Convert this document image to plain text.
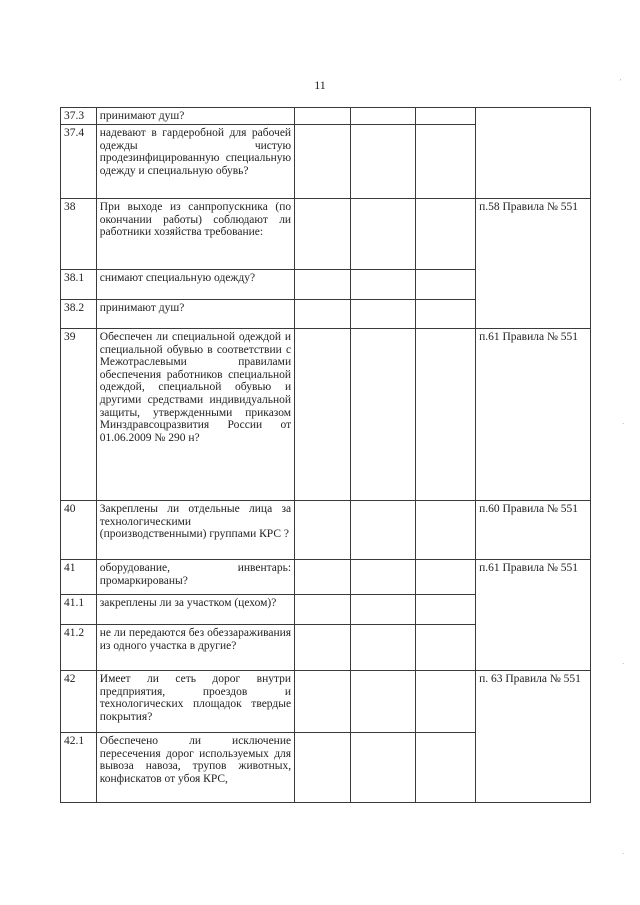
11
37.3	принимают душ?				
37.4	надевают в гардеробной для рабочей одежды чистую продезинфицированную специальную одежду и специальную обувь?				
38	При выходе из санпропускника (по окончании работы) соблюдают ли работники хозяйства требование:				п.58 Правила № 551
38.1	снимают специальную одежду?				
38.2	принимают душ?				
39	Обеспечен ли специальной одеждой и специальной обувью в соответствии с Межотраслевыми правилами обеспечения работников специальной одеждой, специальной обувью и другими средствами индивидуальной защиты, утвержденными приказом Минздравсоцразвития России от 01.06.2009 № 290 н?				п.61 Правила № 551
40	Закреплены ли отдельные лица за технологическими (производственными) группами КРС ?				п.60 Правила № 551
41	оборудование, инвентарь: промаркированы?				п.61 Правила № 551
41.1	закреплены ли за участком (цехом)?				
41.2	не ли передаются без обеззараживания из одного участка в другие?				
42	Имеет ли сеть дорог внутри предприятия, проездов и технологических площадок твердые покрытия?				п. 63 Правила № 551
42.1	Обеспечено ли исключение пересечения дорог используемых для вывоза навоза, трупов животных, конфискатов от убоя КРС,				
'
·
·
·
